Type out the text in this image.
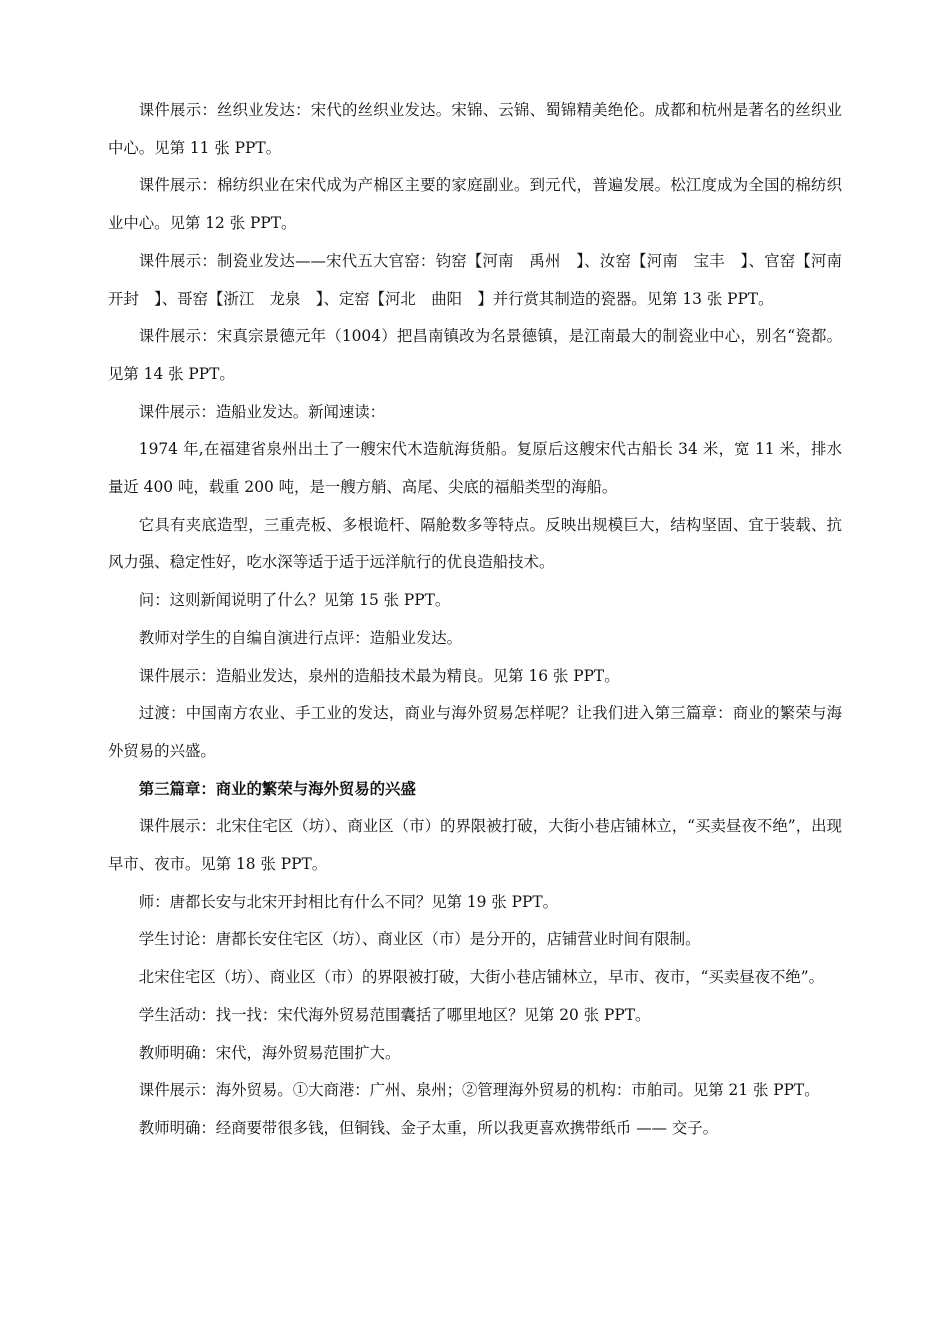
课件展示：丝织业发达：宋代的丝织业发达。宋锦、云锦、蜀锦精美绝伦。成都和杭州是著名的丝织业中心。见第 11 张 PPT。

课件展示：棉纺织业在宋代成为产棉区主要的家庭副业。到元代，普遍发展。松江度成为全国的棉纺织业中心。见第 12 张 PPT。

课件展示：制瓷业发达——宋代五大官窑：钧窑【河南　禹州　】、汝窑【河南　宝丰　】、官窑【河南　开封　】、哥窑【浙江　龙泉　】、定窑【河北　曲阳　】并行赏其制造的瓷器。见第 13 张 PPT。

课件展示：宋真宗景德元年（1004）把昌南镇改为名景德镇，是江南最大的制瓷业中心，别名“瓷都。见第 14 张 PPT。

课件展示：造船业发达。新闻速读：

1974 年,在福建省泉州出土了一艘宋代木造航海货船。复原后这艘宋代古船长 34 米，宽 11 米，排水量近 400 吨，载重 200 吨，是一艘方艄、高尾、尖底的福船类型的海船。

它具有夹底造型，三重壳板、多根诡杆、隔舱数多等特点。反映出规模巨大，结构坚固、宜于装载、抗风力强、稳定性好，吃水深等适于适于远洋航行的优良造船技术。

问：这则新闻说明了什么？见第 15 张 PPT。

教师对学生的自编自演进行点评：造船业发达。

课件展示：造船业发达，泉州的造船技术最为精良。见第 16 张 PPT。

过渡：中国南方农业、手工业的发达，商业与海外贸易怎样呢？让我们进入第三篇章：商业的繁荣与海外贸易的兴盛。

第三篇章：商业的繁荣与海外贸易的兴盛

课件展示：北宋住宅区（坊）、商业区（市）的界限被打破，大街小巷店铺林立，“买卖昼夜不绝”，出现早市、夜市。见第 18 张 PPT。

师：唐都长安与北宋开封相比有什么不同？见第 19 张 PPT。

学生讨论：唐都长安住宅区（坊）、商业区（市）是分开的，店铺营业时间有限制。

北宋住宅区（坊）、商业区（市）的界限被打破，大街小巷店铺林立，早市、夜市，“买卖昼夜不绝”。

学生活动：找一找：宋代海外贸易范围囊括了哪里地区？见第 20 张 PPT。

教师明确：宋代，海外贸易范围扩大。

课件展示：海外贸易。①大商港：广州、泉州；②管理海外贸易的机构：市舶司。见第 21 张 PPT。

教师明确：经商要带很多钱，但铜钱、金子太重，所以我更喜欢携带纸币 —— 交子。
